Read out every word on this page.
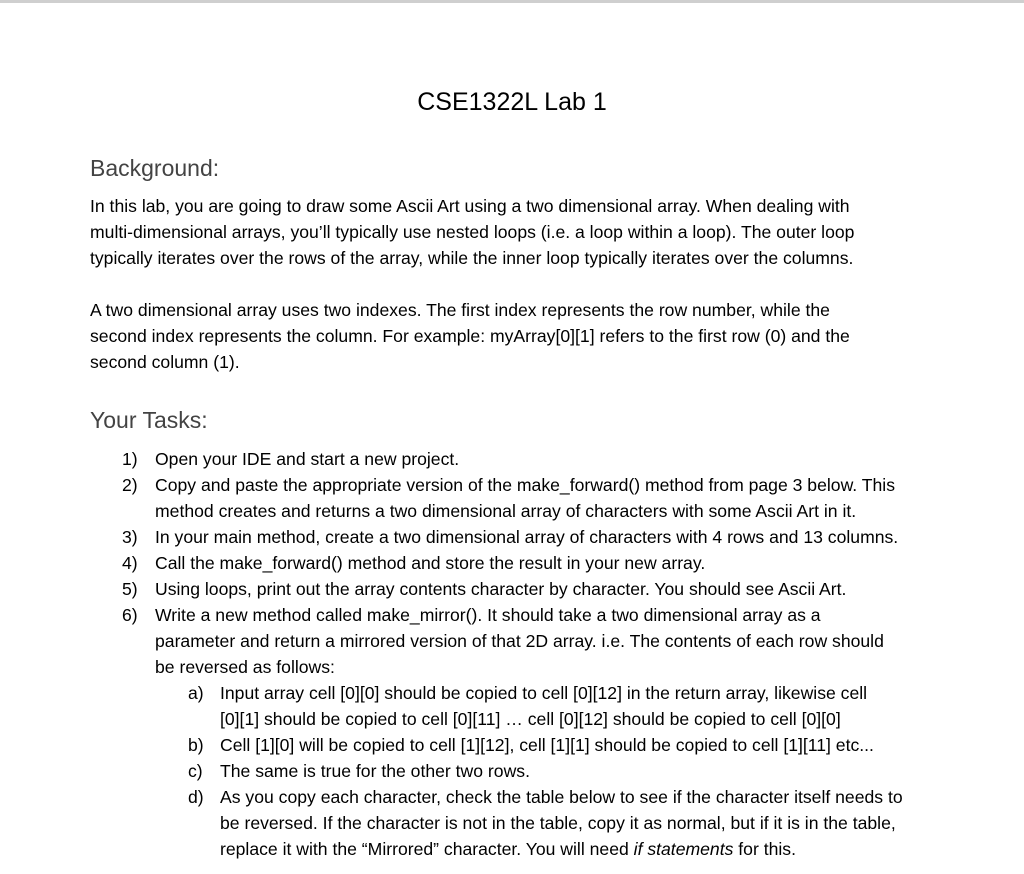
CSE1322L Lab 1
Background:
In this lab, you are going to draw some Ascii Art using a two dimensional array. When dealing with
multi-dimensional arrays, you’ll typically use nested loops (i.e. a loop within a loop). The outer loop
typically iterates over the rows of the array, while the inner loop typically iterates over the columns.
A two dimensional array uses two indexes. The first index represents the row number, while the
second index represents the column. For example: myArray[0][1] refers to the first row (0) and the
second column (1).
Your Tasks:
1) Open your IDE and start a new project.
2) Copy and paste the appropriate version of the make_forward() method from page 3 below. This
method creates and returns a two dimensional array of characters with some Ascii Art in it.
3) In your main method, create a two dimensional array of characters with 4 rows and 13 columns.
4) Call the make_forward() method and store the result in your new array.
5) Using loops, print out the array contents character by character. You should see Ascii Art.
6) Write a new method called make_mirror(). It should take a two dimensional array as a
parameter and return a mirrored version of that 2D array. i.e. The contents of each row should
be reversed as follows:
a) Input array cell [0][0] should be copied to cell [0][12] in the return array, likewise cell
[0][1] should be copied to cell [0][11] … cell [0][12] should be copied to cell [0][0]
b) Cell [1][0] will be copied to cell [1][12], cell [1][1] should be copied to cell [1][11] etc...
c) The same is true for the other two rows.
d) As you copy each character, check the table below to see if the character itself needs to
be reversed. If the character is not in the table, copy it as normal, but if it is in the table,
replace it with the “Mirrored” character. You will need if statements for this.
